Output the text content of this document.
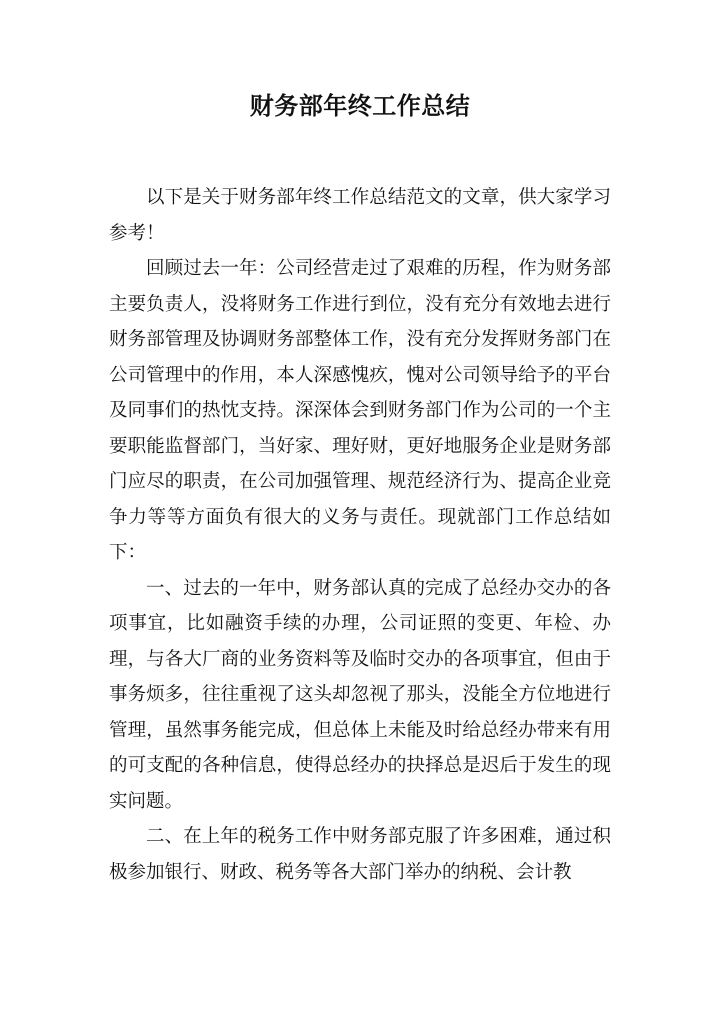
财务部年终工作总结

以下是关于财务部年终工作总结范文的文章，供大家学习参考！

回顾过去一年：公司经营走过了艰难的历程，作为财务部主要负责人，没将财务工作进行到位，没有充分有效地去进行财务部管理及协调财务部整体工作，没有充分发挥财务部门在公司管理中的作用，本人深感愧疚，愧对公司领导给予的平台及同事们的热忱支持。深深体会到财务部门作为公司的一个主要职能监督部门，当好家、理好财，更好地服务企业是财务部门应尽的职责，在公司加强管理、规范经济行为、提高企业竞争力等等方面负有很大的义务与责任。现就部门工作总结如下：

一、过去的一年中，财务部认真的完成了总经办交办的各项事宜，比如融资手续的办理，公司证照的变更、年检、办理，与各大厂商的业务资料等及临时交办的各项事宜，但由于事务烦多，往往重视了这头却忽视了那头，没能全方位地进行管理，虽然事务能完成，但总体上未能及时给总经办带来有用的可支配的各种信息，使得总经办的抉择总是迟后于发生的现实问题。

二、在上年的税务工作中财务部克服了许多困难，通过积极参加银行、财政、税务等各大部门举办的纳税、会计教
